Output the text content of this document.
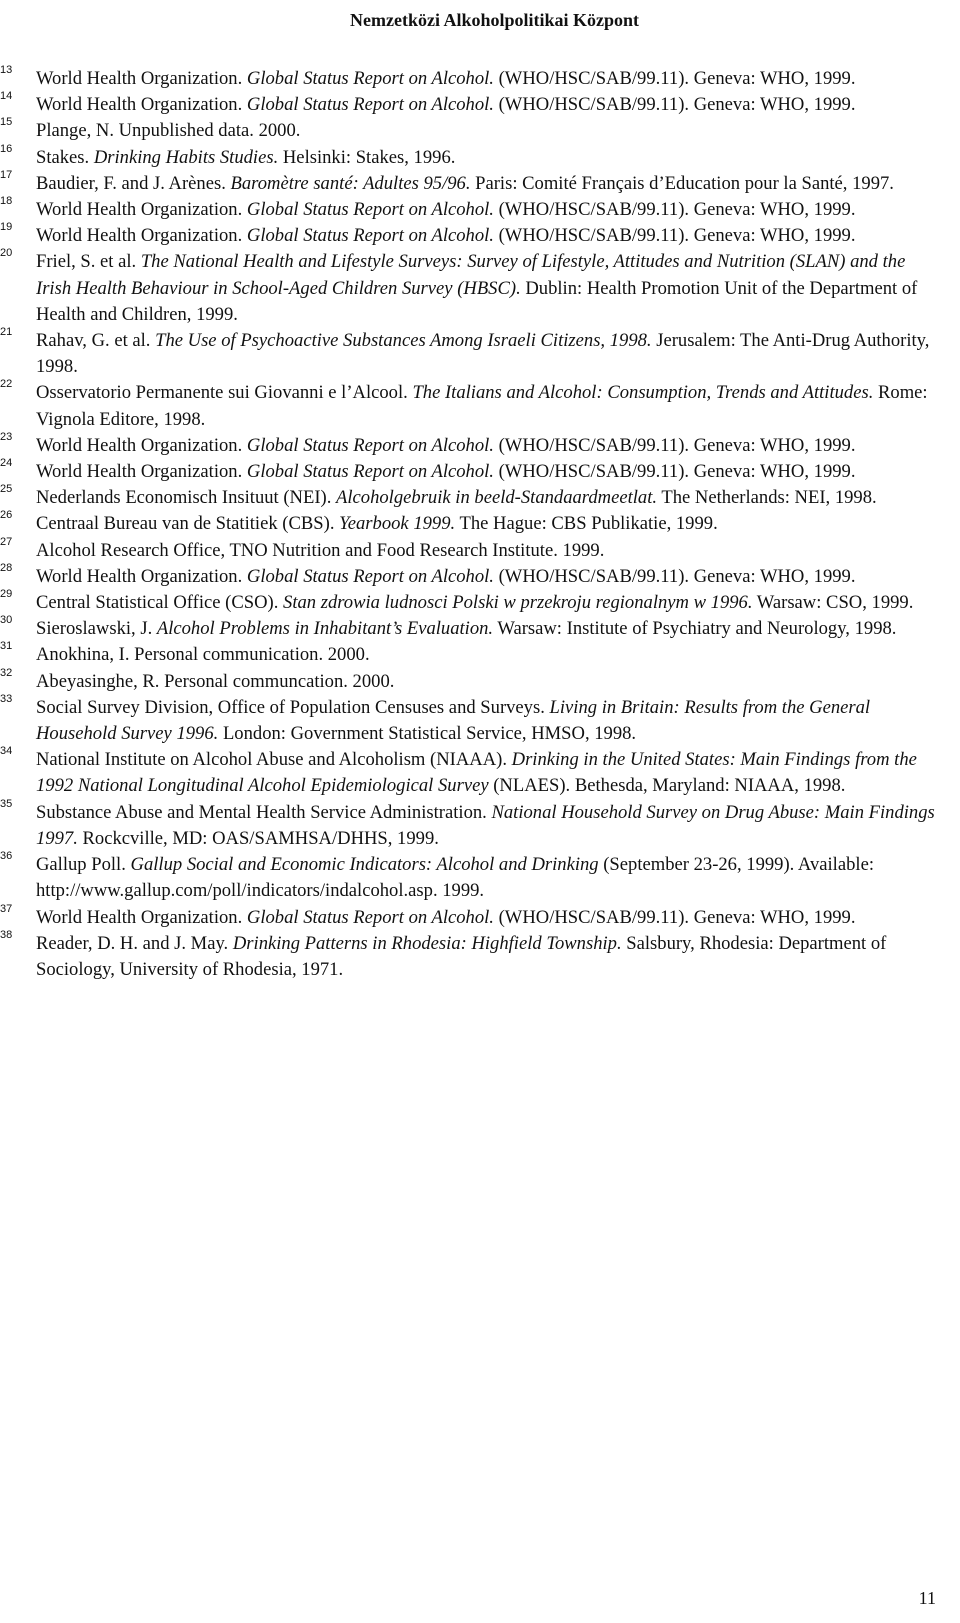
Nemzetközi Alkoholpolitikai Központ
13 World Health Organization. Global Status Report on Alcohol. (WHO/HSC/SAB/99.11). Geneva: WHO, 1999.
14 World Health Organization. Global Status Report on Alcohol. (WHO/HSC/SAB/99.11). Geneva: WHO, 1999.
15 Plange, N. Unpublished data. 2000.
16 Stakes. Drinking Habits Studies. Helsinki: Stakes, 1996.
17 Baudier, F. and J. Arènes. Baromètre santé: Adultes 95/96. Paris: Comité Français d’Education pour la Santé, 1997.
18 World Health Organization. Global Status Report on Alcohol. (WHO/HSC/SAB/99.11). Geneva: WHO, 1999.
19 World Health Organization. Global Status Report on Alcohol. (WHO/HSC/SAB/99.11). Geneva: WHO, 1999.
20 Friel, S. et al. The National Health and Lifestyle Surveys: Survey of Lifestyle, Attitudes and Nutrition (SLAN) and the Irish Health Behaviour in School-Aged Children Survey (HBSC). Dublin: Health Promotion Unit of the Department of Health and Children, 1999.
21 Rahav, G. et al. The Use of Psychoactive Substances Among Israeli Citizens, 1998. Jerusalem: The Anti-Drug Authority, 1998.
22 Osservatorio Permanente sui Giovanni e l’Alcool. The Italians and Alcohol: Consumption, Trends and Attitudes. Rome: Vignola Editore, 1998.
23 World Health Organization. Global Status Report on Alcohol. (WHO/HSC/SAB/99.11). Geneva: WHO, 1999.
24 World Health Organization. Global Status Report on Alcohol. (WHO/HSC/SAB/99.11). Geneva: WHO, 1999.
25 Nederlands Economisch Insituut (NEI). Alcoholgebruik in beeld-Standaardmeetlat. The Netherlands: NEI, 1998.
26 Centraal Bureau van de Statitiek (CBS). Yearbook 1999. The Hague: CBS Publikatie, 1999.
27 Alcohol Research Office, TNO Nutrition and Food Research Institute. 1999.
28 World Health Organization. Global Status Report on Alcohol. (WHO/HSC/SAB/99.11). Geneva: WHO, 1999.
29 Central Statistical Office (CSO). Stan zdrowia ludnosci Polski w przekroju regionalnym w 1996. Warsaw: CSO, 1999.
30 Sieroslawski, J. Alcohol Problems in Inhabitant’s Evaluation. Warsaw: Institute of Psychiatry and Neurology, 1998.
31 Anokhina, I. Personal communication. 2000.
32 Abeyasinghe, R. Personal communcation. 2000.
33 Social Survey Division, Office of Population Censuses and Surveys. Living in Britain: Results from the General Household Survey 1996. London: Government Statistical Service, HMSO, 1998.
34 National Institute on Alcohol Abuse and Alcoholism (NIAAA). Drinking in the United States: Main Findings from the 1992 National Longitudinal Alcohol Epidemiological Survey (NLAES). Bethesda, Maryland: NIAAA, 1998.
35 Substance Abuse and Mental Health Service Administration. National Household Survey on Drug Abuse: Main Findings 1997. Rockcville, MD: OAS/SAMHSA/DHHS, 1999.
36 Gallup Poll. Gallup Social and Economic Indicators: Alcohol and Drinking (September 23-26, 1999). Available: http://www.gallup.com/poll/indicators/indalcohol.asp. 1999.
37 World Health Organization. Global Status Report on Alcohol. (WHO/HSC/SAB/99.11). Geneva: WHO, 1999.
38 Reader, D. H. and J. May. Drinking Patterns in Rhodesia: Highfield Township. Salsbury, Rhodesia: Department of Sociology, University of Rhodesia, 1971.
11
